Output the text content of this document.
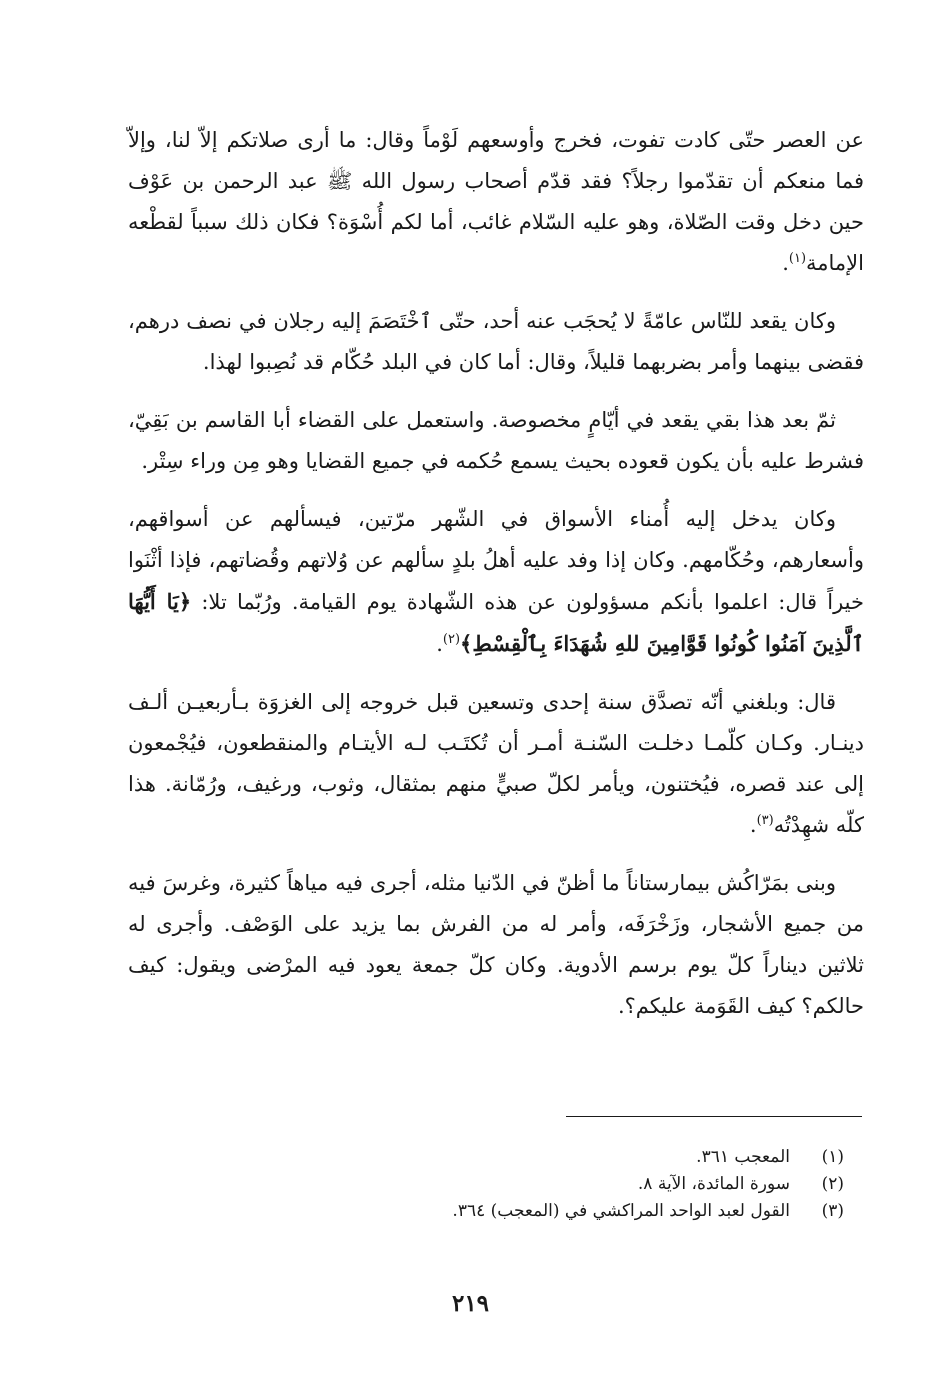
عن العصر حتّى كادت تفوت، فخرج وأوسعهم لَوْماً وقال: ما أرى صلاتكم إلاّ لنا، وإلاّ فما منعكم أن تقدّموا رجلاً؟ فقد قدّم أصحاب رسول الله ﷺ عبد الرحمن بن عَوْف حين دخل وقت الصّلاة، وهو عليه السّلام غائب، أما لكم أُسْوَة؟ فكان ذلك سبباً لقطْعه الإمامة$^{(١)}$.

وكان يقعد للنّاس عامّةً لا يُحجَب عنه أحد، حتّى ٱخْتَصَمَ إليه رجلان في نصف درهم، فقضى بينهما وأمر بضربهما قليلاً، وقال: أما كان في البلد حُكّام قد نُصِبوا لهذا.

ثمّ بعد هذا بقي يقعد في أيّامٍ مخصوصة. واستعمل على القضاء أبا القاسم بن بَقِيّ، فشرط عليه بأن يكون قعوده بحيث يسمع حُكمه في جميع القضايا وهو مِن وراء سِتْر.

وكان يدخل إليه أُمناء الأسواق في الشّهر مرّتين، فيسألهم عن أسواقهم، وأسعارهم، وحُكّامهم. وكان إذا وفد عليه أهلُ بلدٍ سألهم عن وُلاتهم وقُضاتهم، فإذا أثْنَوا خيراً قال: اعلموا بأنكم مسؤولون عن هذه الشّهادة يوم القيامة. ورُبّما تلا: ﴿يَا أَيُّهَا ٱلَّذِينَ آمَنُوا كُونُوا قَوَّامِينَ للهِ شُهَدَاءَ بِٱلْقِسْطِ﴾$^{(٢)}$.

قال: وبلغني أنّه تصدَّق سنة إحدى وتسعين قبل خروجه إلى الغزوَة بـأربعيـن ألـف دينـار. وكـان كلّمـا دخلـت السّنـة أمـر أن تُكتَـب لـه الأيتـام والمنقطعون، فيُجْمعون إلى عند قصره، فيُختنون، ويأمر لكلّ صبيٍّ منهم بمثقال، وثوب، ورغيف، ورُمّانة. هذا كلّه شهِدْتُه$^{(٣)}$.

وبنى بمَرّاكُش بيمارستاناً ما أظنّ في الدّنيا مثله، أجرى فيه مياهاً كثيرة، وغرسَ فيه من جميع الأشجار، وزَخْرَفَه، وأمر له من الفرش بما يزيد على الوَصْف. وأجرى له ثلاثين ديناراً كلّ يوم برسم الأدوية. وكان كلّ جمعة يعود فيه المرْضى ويقول: كيف حالكم؟ كيف القَوَمة عليكم؟.

(١)
المعجب ٣٦١.
(٢)
سورة المائدة، الآية ٨.
(٣)
القول لعبد الواحد المراكشي في (المعجب) ٣٦٤.
٢١٩
